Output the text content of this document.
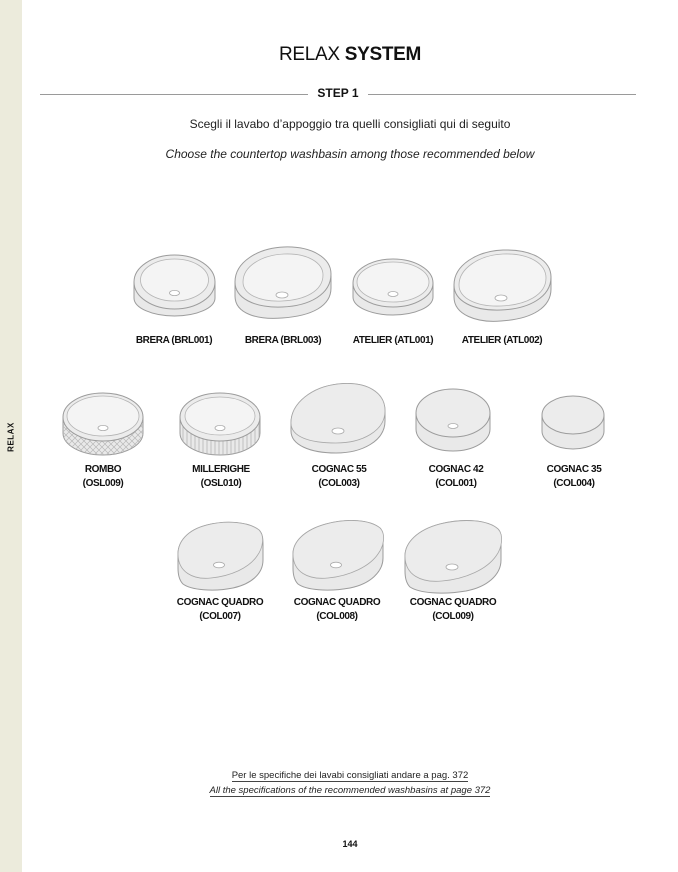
RELAX
RELAX SYSTEM
STEP 1
Scegli il lavabo d’appoggio tra quelli consigliati qui di seguito
Choose the countertop washbasin among those recommended below
BRERA (BRL001)	BRERA (BRL003)	ATELIER (ATL001)	ATELIER (ATL002)
ROMBO
(OSL009)
MILLERIGHE
(OSL010)
COGNAC 55
(COL003)
COGNAC 42
(COL001)
COGNAC 35
(COL004)
COGNAC QUADRO
(COL007)
COGNAC QUADRO
(COL008)
COGNAC QUADRO
(COL009)
Per le specifiche dei lavabi consigliati andare a pag. 372
All the specifications of the recommended washbasins at page 372
144
